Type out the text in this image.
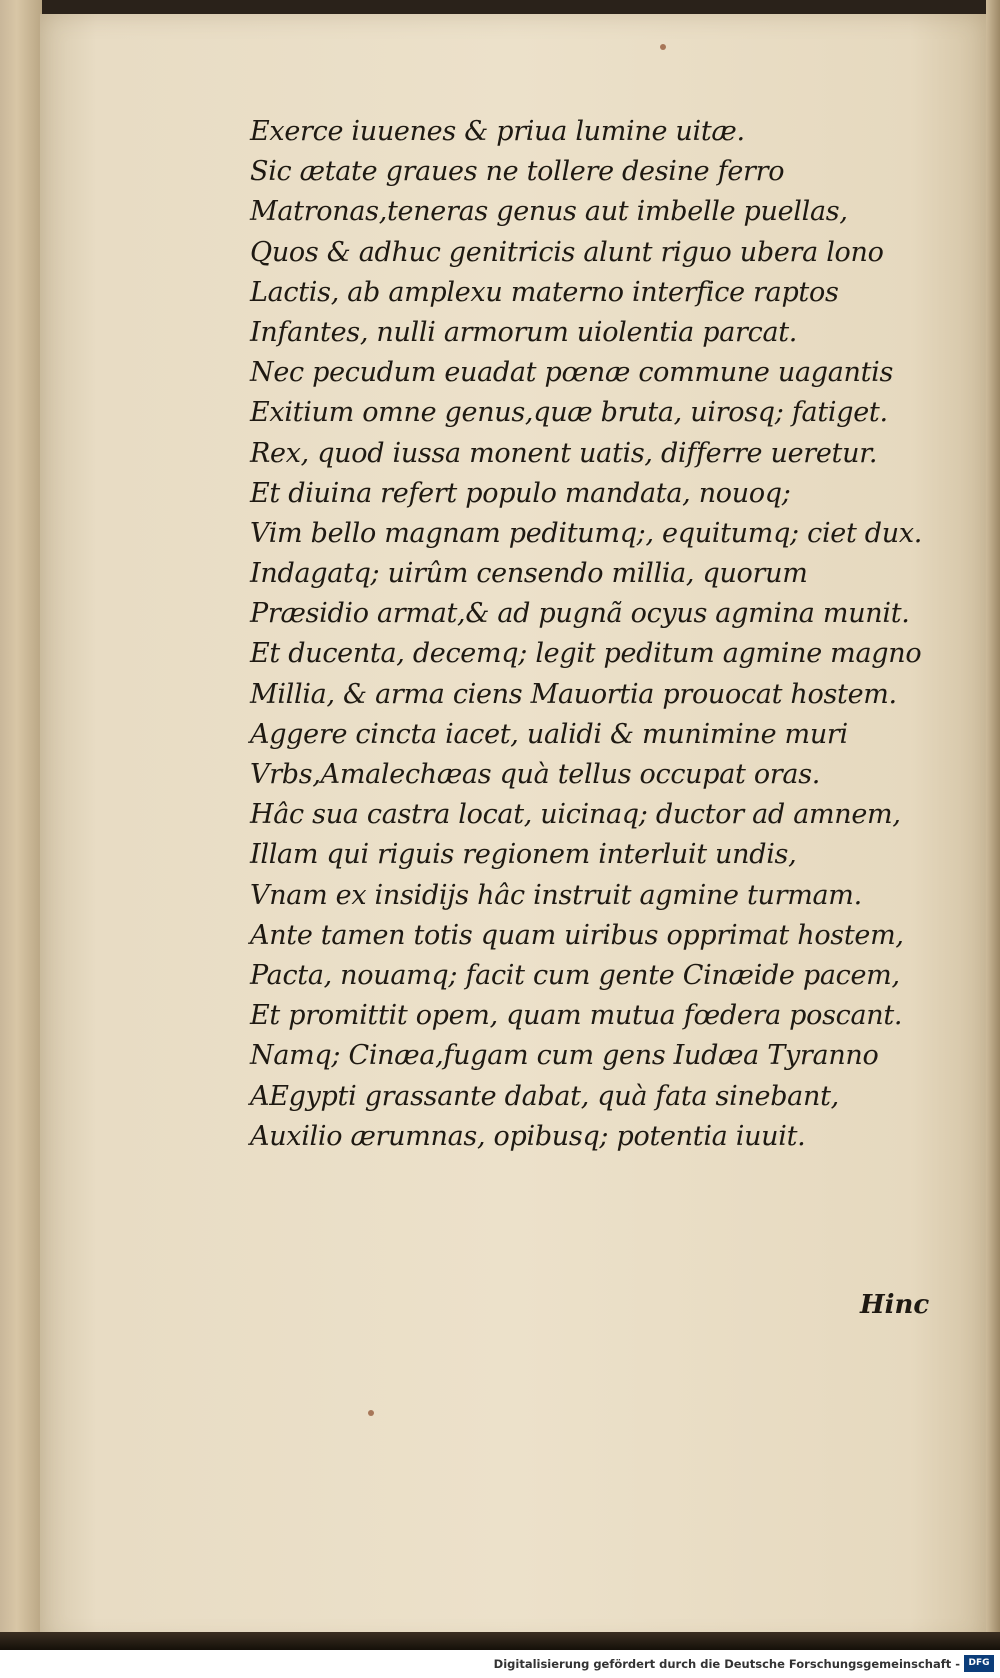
Exerce iuuenes & priua lumine uitæ.
Sic ætate graues ne tollere desine ferro
Matronas,teneras genus aut imbelle puellas,
Quos & adhuc genitricis alunt riguo ubera lono
Lactis, ab amplexu materno interfice raptos
Infantes, nulli armorum uiolentia parcat.
Nec pecudum euadat pœnæ commune uagantis
Exitium omne genus,quæ bruta, uirosq; fatiget.
Rex, quod iussa monent uatis, differre ueretur.
Et diuina refert populo mandata, nouoq;
Vim bello magnam peditumq;, equitumq; ciet dux.
Indagatq; uirûm censendo millia, quorum
Præsidio armat,& ad pugnã ocyus agmina munit.
Et ducenta, decemq; legit peditum agmine magno
Millia, & arma ciens Mauortia prouocat hostem.
Aggere cincta iacet, ualidi & munimine muri
Vrbs,Amalechæas quà tellus occupat oras.
Hâc sua castra locat, uicinaq; ductor ad amnem,
Illam qui riguis regionem interluit undis,
Vnam ex insidijs hâc instruit agmine turmam.
Ante tamen totis quam uiribus opprimat hostem,
Pacta, nouamq; facit cum gente Cinæide pacem,
Et promittit opem, quam mutua fœdera poscant.
Namq; Cinæa,fugam cum gens Iudæa Tyranno
AEgypti grassante dabat, quà fata sinebant,
Auxilio ærumnas, opibusq; potentia iuuit.
Hinc
Digitalisierung gefördert durch die Deutsche Forschungsgemeinschaft - DFG
